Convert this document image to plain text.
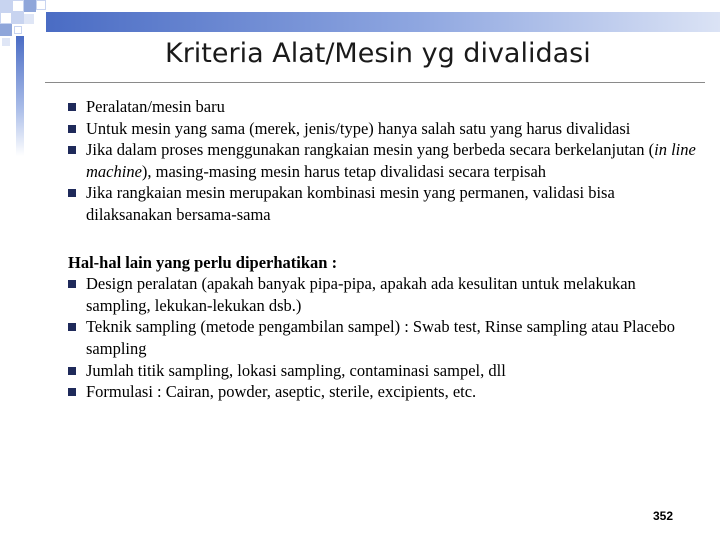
Kriteria Alat/Mesin yg divalidasi
Peralatan/mesin baru
Untuk mesin yang sama (merek, jenis/type) hanya salah satu yang harus divalidasi
Jika dalam proses menggunakan rangkaian mesin yang berbeda secara berkelanjutan (in line machine), masing-masing mesin harus tetap divalidasi secara terpisah
Jika rangkaian mesin merupakan kombinasi mesin yang permanen, validasi bisa dilaksanakan bersama-sama
Hal-hal lain yang perlu diperhatikan :
Design peralatan (apakah banyak pipa-pipa, apakah ada kesulitan untuk melakukan sampling, lekukan-lekukan dsb.)
Teknik sampling (metode pengambilan sampel) : Swab test, Rinse sampling atau Placebo sampling
Jumlah titik sampling, lokasi sampling, contaminasi sampel, dll
Formulasi : Cairan, powder, aseptic, sterile, excipients, etc.
352
